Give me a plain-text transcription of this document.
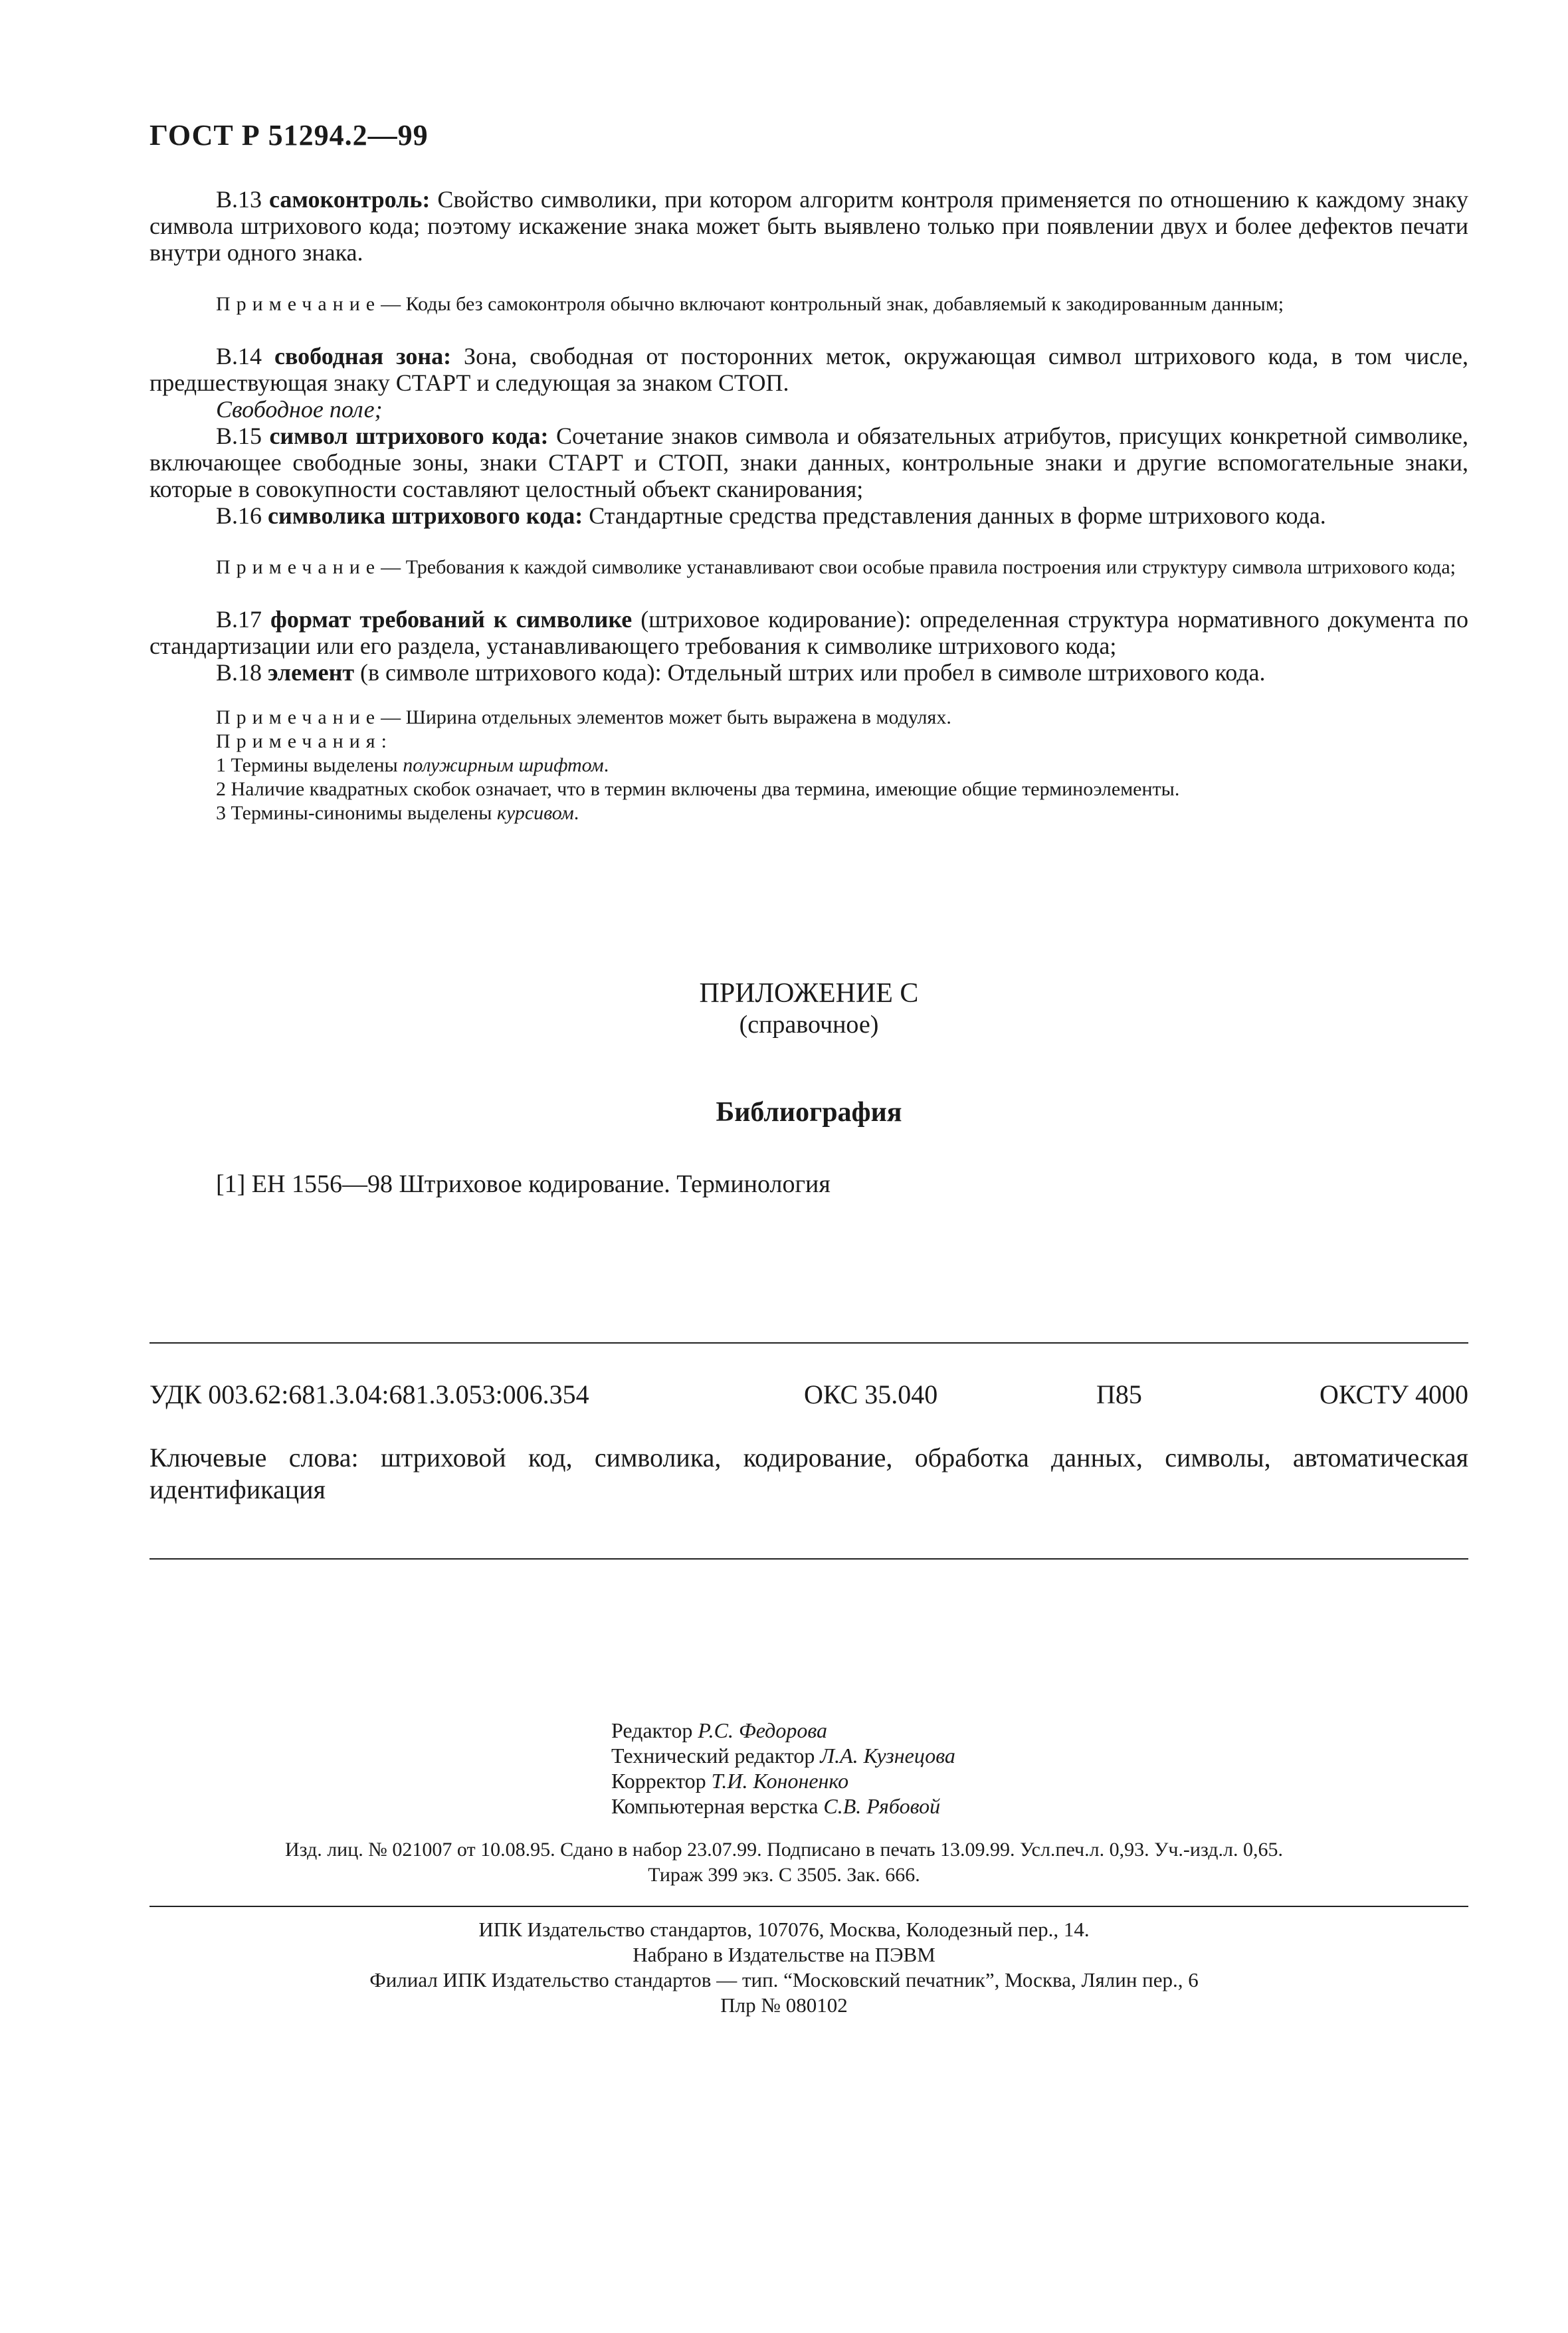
ГОСТ Р 51294.2—99

В.13 самоконтроль: Свойство символики, при котором алгоритм контроля применяется по отношению к каждому знаку символа штрихового кода; поэтому искажение знака может быть выявлено только при появлении двух и более дефектов печати внутри одного знака.

Примечание— Коды без самоконтроля обычно включают контрольный знак, добавляемый к закодированным данным;

В.14 свободная зона: Зона, свободная от посторонних меток, окружающая символ штрихового кода, в том числе, предшествующая знаку СТАРТ и следующая за знаком СТОП.

Свободное поле;

В.15 символ штрихового кода: Сочетание знаков символа и обязательных атрибутов, присущих конкретной символике, включающее свободные зоны, знаки СТАРТ и СТОП, знаки данных, контрольные знаки и другие вспомогательные знаки, которые в совокупности составляют целостный объект сканирования;

В.16 символика штрихового кода: Стандартные средства представления данных в форме штрихового кода.

Примечание— Требования к каждой символике устанавливают свои особые правила построения или структуру символа штрихового кода;

В.17 формат требований к символике (штриховое кодирование): определенная структура нормативного документа по стандартизации или его раздела, устанавливающего требования к символике штрихового кода;

В.18 элемент (в символе штрихового кода): Отдельный штрих или пробел в символе штрихового кода.

Примечание— Ширина отдельных элементов может быть выражена в модулях.

Примечания:
1 Термины выделены полужирным шрифтом.
2 Наличие квадратных скобок означает, что в термин включены два термина, имеющие общие терминоэлементы.
3 Термины-синонимы выделены курсивом.
ПРИЛОЖЕНИЕ С
(справочное)
Библиография
[1] ЕН 1556—98 Штриховое кодирование. Терминология
УДК 003.62:681.3.04:681.3.053:006.354	ОКС 35.040	П85	ОКСТУ 4000
Ключевые слова: штриховой код, символика, кодирование, обработка данных, символы, автоматическая идентификация
Редактор Р.С. Федорова
Технический редактор Л.А. Кузнецова
Корректор Т.И. Кононенко
Компьютерная верстка С.В. Рябовой
Изд. лиц. № 021007 от 10.08.95. Сдано в набор 23.07.99. Подписано в печать 13.09.99. Усл.печ.л. 0,93. Уч.-изд.л. 0,65.
Тираж 399 экз. С 3505. Зак. 666.
ИПК Издательство стандартов, 107076, Москва, Колодезный пер., 14.
Набрано в Издательстве на ПЭВМ
Филиал ИПК Издательство стандартов — тип. “Московский печатник”, Москва, Лялин пер., 6
Плр № 080102
